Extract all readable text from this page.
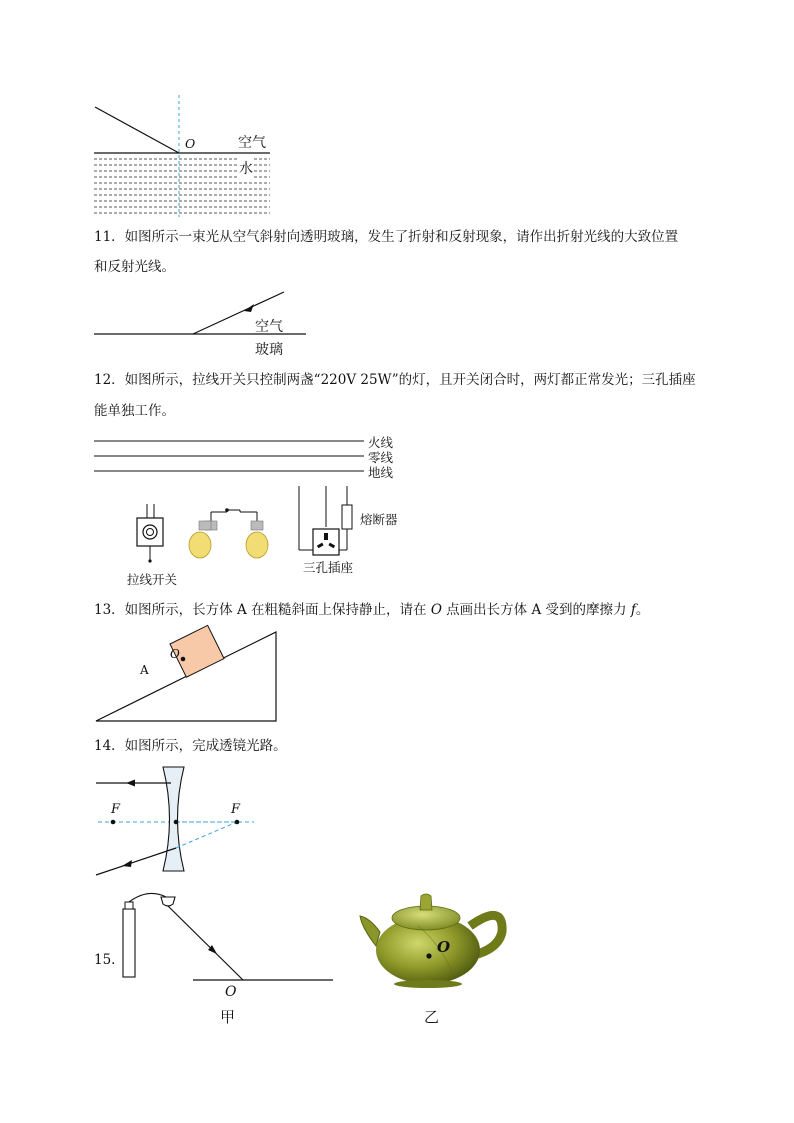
O	空气
水
11．如图所示一束光从空气斜射向透明玻璃，发生了折射和反射现象，请作出折射光线的大致位置
和反射光线。
空气
玻璃
12．如图所示，拉线开关只控制两盏“220V 25W”的灯，且开关闭合时，两灯都正常发光；三孔插座
能单独工作。
火线
零线
地线
熔断器
三孔插座
拉线开关
13．如图所示，长方体 A 在粗糙斜面上保持静止，请在 O 点画出长方体 A 受到的摩擦力 f。
O
A
14．如图所示，完成透镜光路。
F	F
15.
O
甲
O
乙
